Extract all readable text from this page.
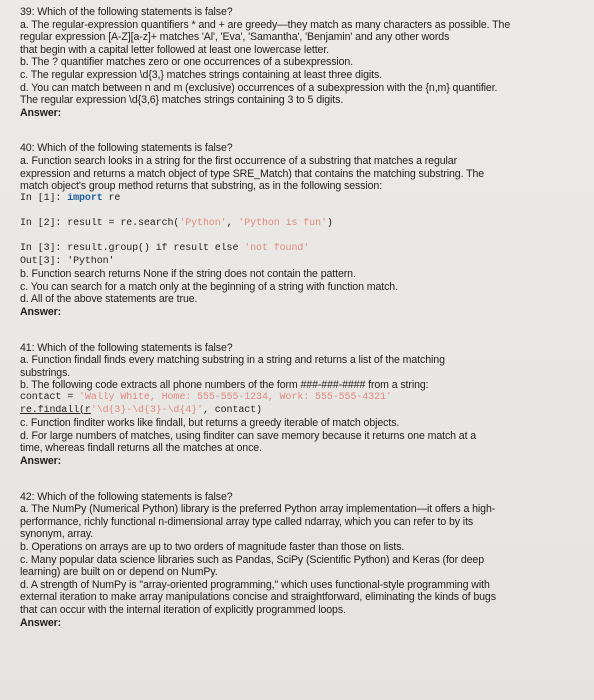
39: Which of the following statements is false?
a. The regular-expression quantifiers * and + are greedy—they match as many characters as possible. The
regular expression [A-Z][a-z]+ matches 'Al', 'Eva', 'Samantha', 'Benjamin' and any other words
that begin with a capital letter followed at least one lowercase letter.
b. The ? quantifier matches zero or one occurrences of a subexpression.
c. The regular expression \d{3,} matches strings containing at least three digits.
d. You can match between n and m (exclusive) occurrences of a subexpression with the {n,m} quantifier.
The regular expression \d{3,6} matches strings containing 3 to 5 digits.
Answer:
40: Which of the following statements is false?
a. Function search looks in a string for the first occurrence of a substring that matches a regular
expression and returns a match object of type SRE_Match) that contains the matching substring. The
match object's group method returns that substring, as in the following session:
In [1]: import re
In [2]: result = re.search('Python', 'Python is fun')
In [3]: result.group() if result else 'not found'
Out[3]: 'Python'
b. Function search returns None if the string does not contain the pattern.
c. You can search for a match only at the beginning of a string with function match.
d. All of the above statements are true.
Answer:
41: Which of the following statements is false?
a. Function findall finds every matching substring in a string and returns a list of the matching
substrings.
b. The following code extracts all phone numbers of the form ###-###-#### from a string:
contact = 'Wally White, Home: 555-555-1234, Work: 555-555-4321'
re.findall(r'\d{3}-\d{3}-\d{4}', contact)
c. Function finditer works like findall, but returns a greedy iterable of match objects.
d. For large numbers of matches, using finditer can save memory because it returns one match at a
time, whereas findall returns all the matches at once.
Answer:
42: Which of the following statements is false?
a. The NumPy (Numerical Python) library is the preferred Python array implementation—it offers a high-
performance, richly functional n-dimensional array type called ndarray, which you can refer to by its
synonym, array.
b. Operations on arrays are up to two orders of magnitude faster than those on lists.
c. Many popular data science libraries such as Pandas, SciPy (Scientific Python) and Keras (for deep
learning) are built on or depend on NumPy.
d. A strength of NumPy is "array-oriented programming," which uses functional-style programming with
external iteration to make array manipulations concise and straightforward, eliminating the kinds of bugs
that can occur with the internal iteration of explicitly programmed loops.
Answer:
